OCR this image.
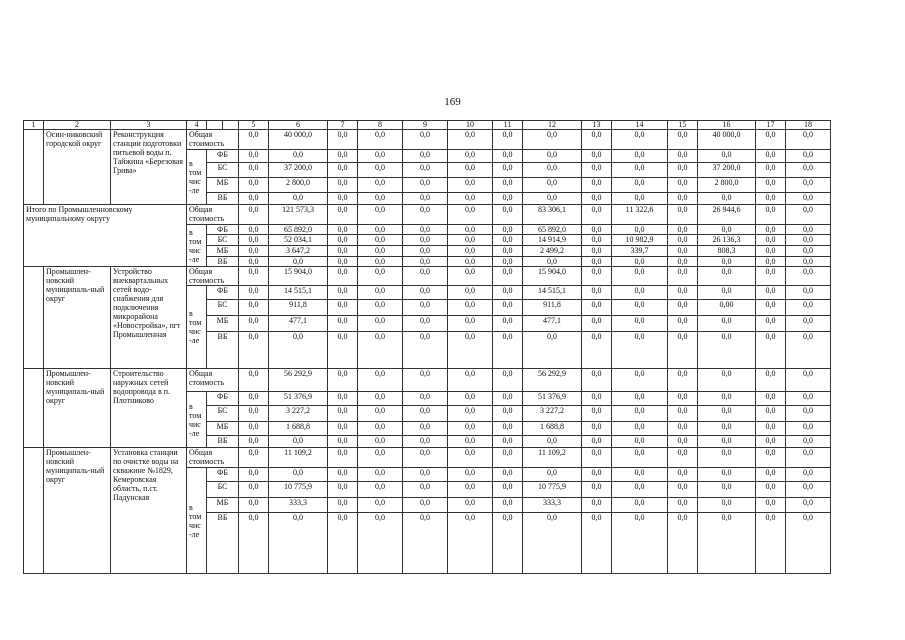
169
1	2	3	4			5	6	7	8	9	10	11	12	13	14	15	16	17	18
	Осин-никовский городской округ	Реконструкция станции подготовки питьевой воды п. Тайжина «Березовая Грива»	Общая стоимость			0,0	40 000,0	0,0	0,0	0,0	0,0	0,0	0,0	0,0	0,0	0,0	40 000,0	0,0	0,0
			в том чис -ле	ФБ		0,0	0,0	0,0	0,0	0,0	0,0	0,0	0,0	0,0	0,0	0,0	0,0	0,0	0,0
				БС		0,0	37 200,0	0,0	0,0	0,0	0,0	0,0	0,0	0,0	0,0	0,0	37 200,0	0,0	0,0
				МБ		0,0	2 800,0	0,0	0,0	0,0	0,0	0,0	0,0	0,0	0,0	0,0	2 800,0	0,0	0,0
				ВБ		0,0	0,0	0,0	0,0	0,0	0,0	0,0	0,0	0,0	0,0	0,0	0,0	0,0	0,0
Итого по Промышленновскому муниципальному округу			Общая стоимость			0,0	121 573,3	0,0	0,0	0,0	0,0	0,0	83 306,1	0,0	11 322,6	0,0	26 944,6	0,0	0,0
			в том чис -ле	ФБ		0,0	65 892,0	0,0	0,0	0,0	0,0	0,0	65 892,0	0,0	0,0	0,0	0,0	0,0	0,0
				БС		0,0	52 034,1	0,0	0,0	0,0	0,0	0,0	14 914,9	0,0	10 982,9	0,0	26 136,3	0,0	0,0
				МБ		0,0	3 647,2	0,0	0,0	0,0	0,0	0,0	2 499,2	0,0	339,7	0,0	808,3	0,0	0,0
				ВБ		0,0	0,0	0,0	0,0	0,0	0,0	0,0	0,0	0,0	0,0	0,0	0,0	0,0	0,0
	Промышлен-новский муниципаль-ный округ	Устройство внеквартальных сетей водо-снабжения для подключения микрорайона «Новостройка», пгт Промышленная	Общая стоимость			0,0	15 904,0	0,0	0,0	0,0	0,0	0,0	15 904,0	0,0	0,0	0,0	0,0	0,0	0,0
			в том чис -ле	ФБ		0,0	14 515,1	0,0	0,0	0,0	0,0	0,0	14 515,1	0,0	0,0	0,0	0,0	0,0	0,0
				БС		0,0	911,8	0,0	0,0	0,0	0,0	0,0	911,8	0,0	0,0	0,0	0,00	0,0	0,0
				МБ		0,0	477,1	0,0	0,0	0,0	0,0	0,0	477,1	0,0	0,0	0,0	0,0	0,0	0,0
				ВБ		0,0	0,0	0,0	0,0	0,0	0,0	0,0	0,0	0,0	0,0	0,0	0,0	0,0	0,0
	Промышлен-новский муниципаль-ный округ	Строительство наружных сетей водопровода в п. Плотниково	Общая стоимость			0,0	56 292,9	0,0	0,0	0,0	0,0	0,0	56 292,9	0,0	0,0	0,0	0,0	0,0	0,0
			в том чис -ле	ФБ		0,0	51 376,9	0,0	0,0	0,0	0,0	0,0	51 376,9	0,0	0,0	0,0	0,0	0,0	0,0
				БС		0,0	3 227,2	0,0	0,0	0,0	0,0	0,0	3 227,2	0,0	0,0	0,0	0,0	0,0	0,0
				МБ		0,0	1 688,8	0,0	0,0	0,0	0,0	0,0	1 688,8	0,0	0,0	0,0	0,0	0,0	0,0
				ВБ		0,0	0,0	0,0	0,0	0,0	0,0	0,0	0,0	0,0	0,0	0,0	0,0	0,0	0,0
	Промышлен-новский муниципаль-ный округ	Установка станции по очистке воды на скважине №1829, Кемеровская область, п.ст. Падунская	Общая стоимость			0,0	11 109,2	0,0	0,0	0,0	0,0	0,0	11 109,2	0,0	0,0	0,0	0,0	0,0	0,0
			в том чис -ле	ФБ		0,0	0,0	0,0	0,0	0,0	0,0	0,0	0,0	0,0	0,0	0,0	0,0	0,0	0,0
				БС		0,0	10 775,9	0,0	0,0	0,0	0,0	0,0	10 775,9	0,0	0,0	0,0	0,0	0,0	0,0
				МБ		0,0	333,3	0,0	0,0	0,0	0,0	0,0	333,3	0,0	0,0	0,0	0,0	0,0	0,0
				ВБ		0,0	0,0	0,0	0,0	0,0	0,0	0,0	0,0	0,0	0,0	0,0	0,0	0,0	0,0
